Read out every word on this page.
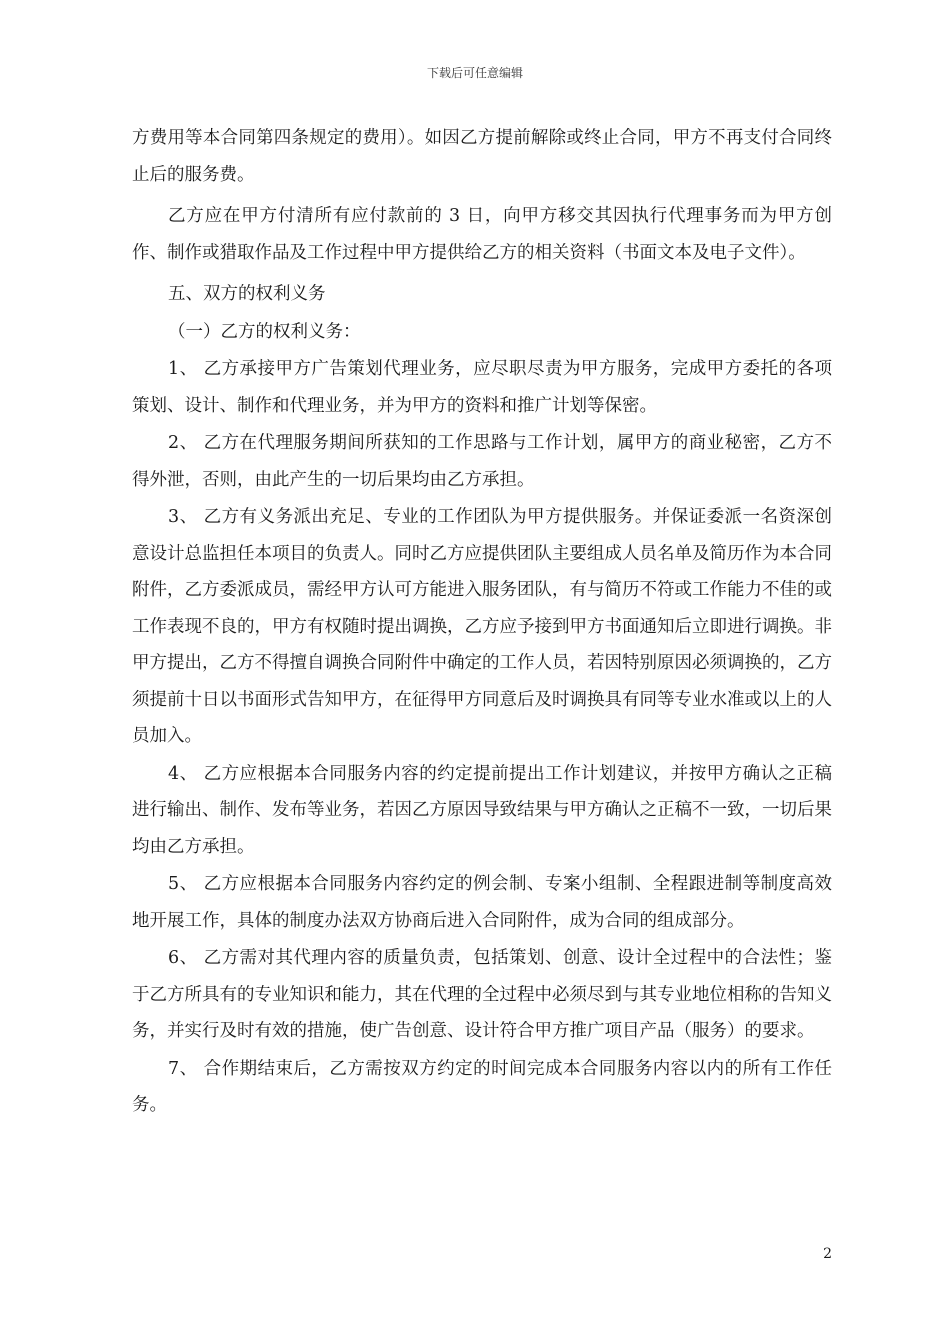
下载后可任意编辑
方费用等本合同第四条规定的费用）。如因乙方提前解除或终止合同，甲方不再支付合同终止后的服务费。
乙方应在甲方付清所有应付款前的 3 日，向甲方移交其因执行代理事务而为甲方创作、制作或猎取作品及工作过程中甲方提供给乙方的相关资料（书面文本及电子文件）。
五、双方的权利义务
（一）乙方的权利义务：
1、 乙方承接甲方广告策划代理业务，应尽职尽责为甲方服务，完成甲方委托的各项策划、设计、制作和代理业务，并为甲方的资料和推广计划等保密。
2、 乙方在代理服务期间所获知的工作思路与工作计划，属甲方的商业秘密，乙方不得外泄，否则，由此产生的一切后果均由乙方承担。
3、 乙方有义务派出充足、专业的工作团队为甲方提供服务。并保证委派一名资深创意设计总监担任本项目的负责人。同时乙方应提供团队主要组成人员名单及简历作为本合同附件，乙方委派成员，需经甲方认可方能进入服务团队，有与简历不符或工作能力不佳的或工作表现不良的，甲方有权随时提出调换，乙方应予接到甲方书面通知后立即进行调换。非甲方提出，乙方不得擅自调换合同附件中确定的工作人员，若因特别原因必须调换的，乙方须提前十日以书面形式告知甲方，在征得甲方同意后及时调换具有同等专业水准或以上的人员加入。
4、 乙方应根据本合同服务内容的约定提前提出工作计划建议，并按甲方确认之正稿进行输出、制作、发布等业务，若因乙方原因导致结果与甲方确认之正稿不一致，一切后果均由乙方承担。
5、 乙方应根据本合同服务内容约定的例会制、专案小组制、全程跟进制等制度高效地开展工作，具体的制度办法双方协商后进入合同附件，成为合同的组成部分。
6、 乙方需对其代理内容的质量负责，包括策划、创意、设计全过程中的合法性；鉴于乙方所具有的专业知识和能力，其在代理的全过程中必须尽到与其专业地位相称的告知义务，并实行及时有效的措施，使广告创意、设计符合甲方推广项目产品（服务）的要求。
7、 合作期结束后，乙方需按双方约定的时间完成本合同服务内容以内的所有工作任务。
2
